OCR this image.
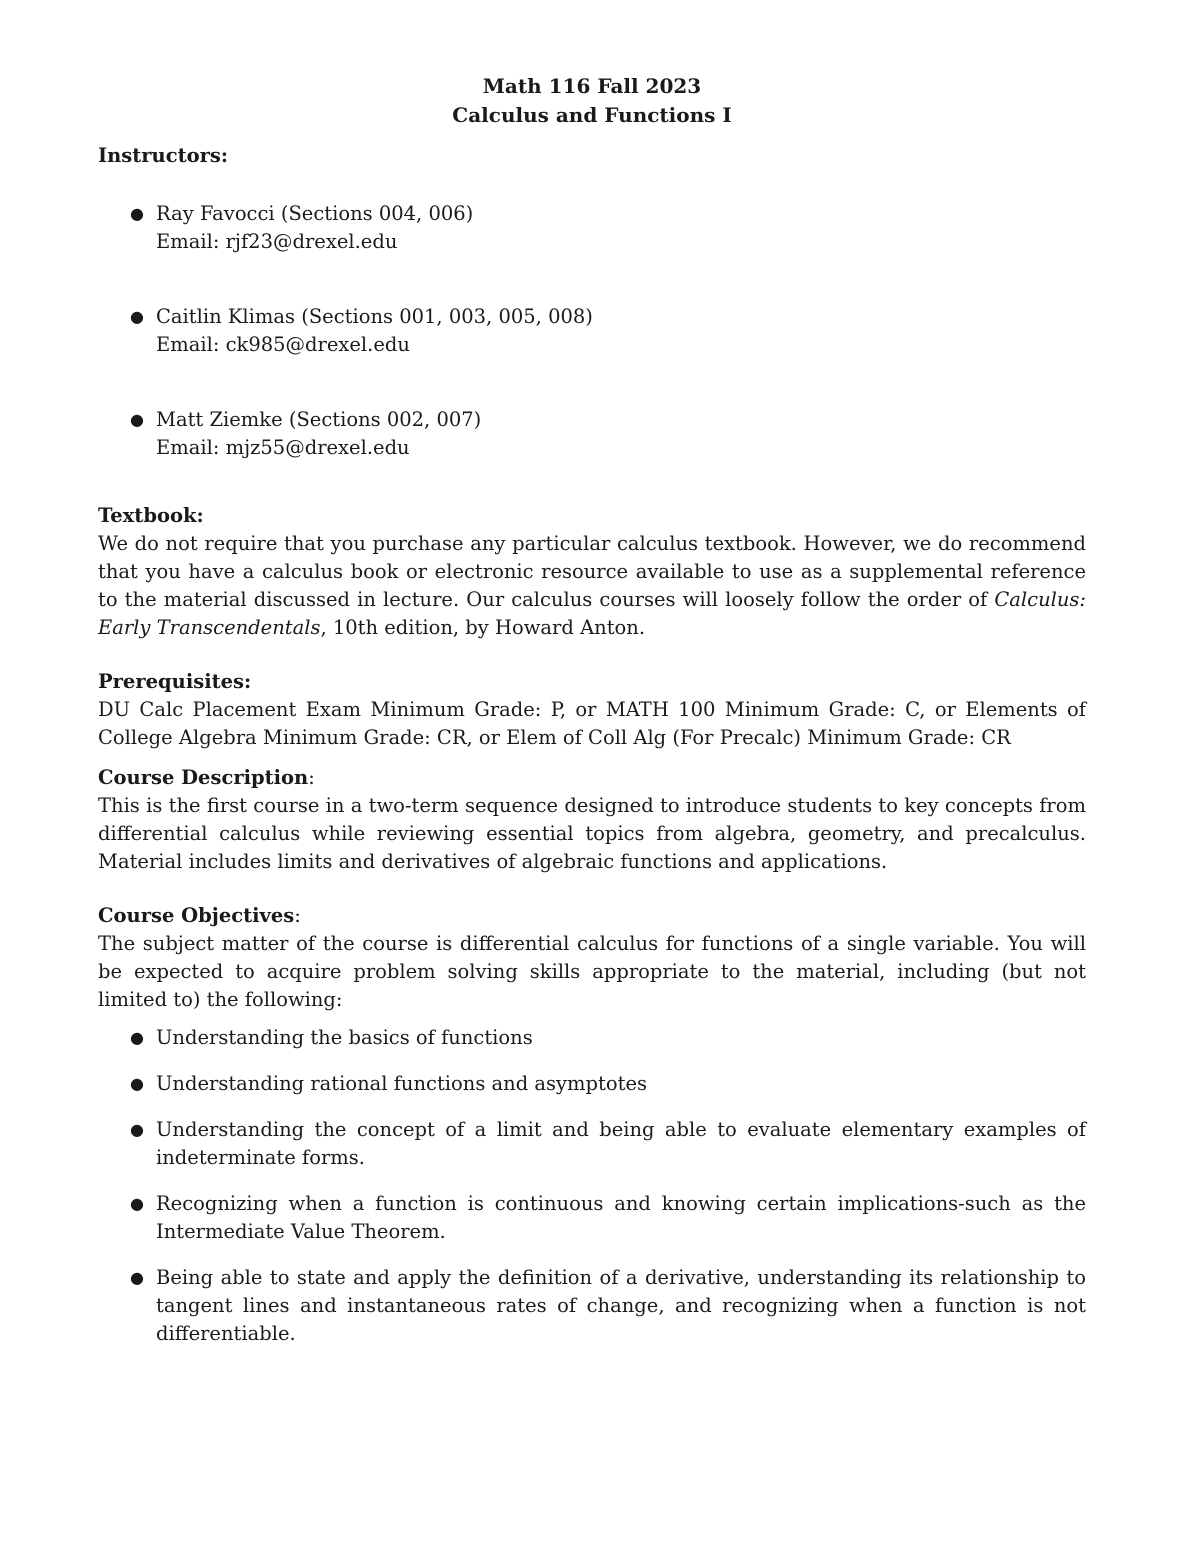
Math 116 Fall 2023

Calculus and Functions I

Instructors:

● Ray Favocci (Sections 004, 006)
Email: rjf23@drexel.edu
● Caitlin Klimas (Sections 001, 003, 005, 008)
Email: ck985@drexel.edu
● Matt Ziemke (Sections 002, 007)
Email: mjz55@drexel.edu

Textbook:

We do not require that you purchase any particular calculus textbook. However, we do recommend that you have a calculus book or electronic resource available to use as a supplemental reference to the material discussed in lecture. Our calculus courses will loosely follow the order of Calculus: Early Transcendentals, 10th edition, by Howard Anton.

Prerequisites:

DU Calc Placement Exam Minimum Grade: P, or MATH 100 Minimum Grade: C, or Elements of College Algebra Minimum Grade: CR, or Elem of Coll Alg (For Precalc) Minimum Grade: CR

Course Description:

This is the first course in a two-term sequence designed to introduce students to key concepts from differential calculus while reviewing essential topics from algebra, geometry, and precalculus. Material includes limits and derivatives of algebraic functions and applications.

Course Objectives:

The subject matter of the course is differential calculus for functions of a single variable. You will be expected to acquire problem solving skills appropriate to the material, including (but not limited to) the following:

● Understanding the basics of functions
● Understanding rational functions and asymptotes
● Understanding the concept of a limit and being able to evaluate elementary examples of indeterminate forms.
● Recognizing when a function is continuous and knowing certain implications-such as the Intermediate Value Theorem.
● Being able to state and apply the definition of a derivative, understanding its relationship to tangent lines and instantaneous rates of change, and recognizing when a function is not differentiable.
